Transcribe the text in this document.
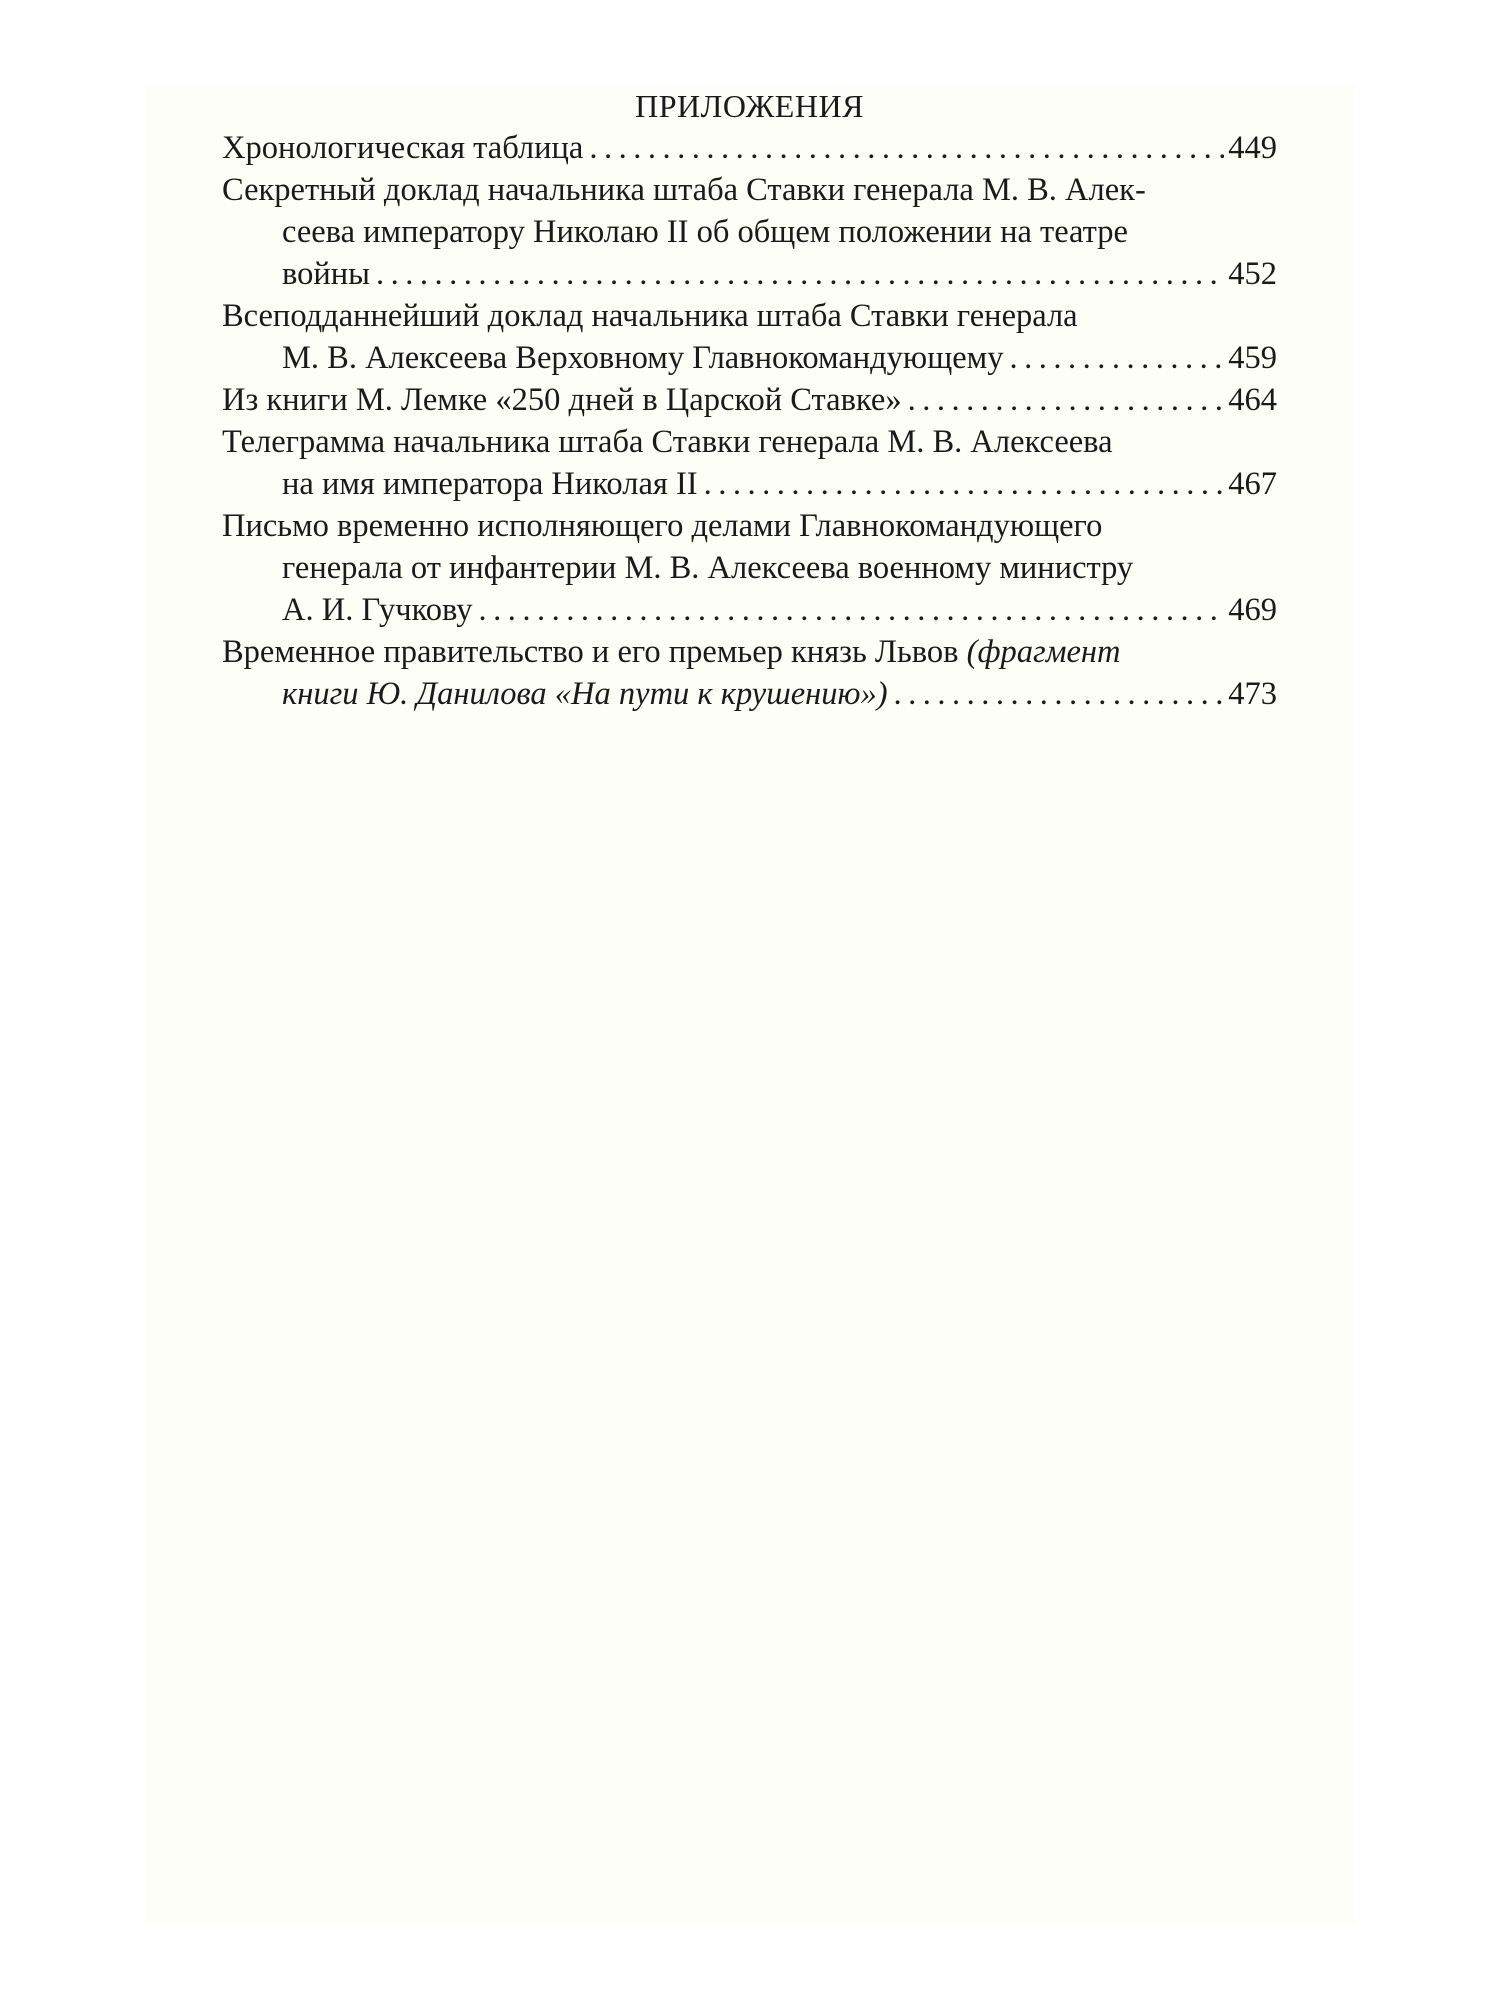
ПРИЛОЖЕНИЯ
Хронологическая таблица .....	449
Секретный доклад начальника штаба Ставки генерала М. В. Алек-
сеева императору Николаю II об общем положении на театре
войны .....	452
Всеподданнейший доклад начальника штаба Ставки генерала
М. В. Алексеева Верховному Главнокомандующему .....	459
Из книги М. Лемке «250 дней в Царской Ставке» .....	464
Телеграмма начальника штаба Ставки генерала М. В. Алексеева
на имя императора Николая II .....	467
Письмо временно исполняющего делами Главнокомандующего
генерала от инфантерии М. В. Алексеева военному министру
А. И. Гучкову .....	469
Временное правительство и его премьер князь Львов (фрагмент
книги Ю. Данилова «На пути к крушению») .....	473
